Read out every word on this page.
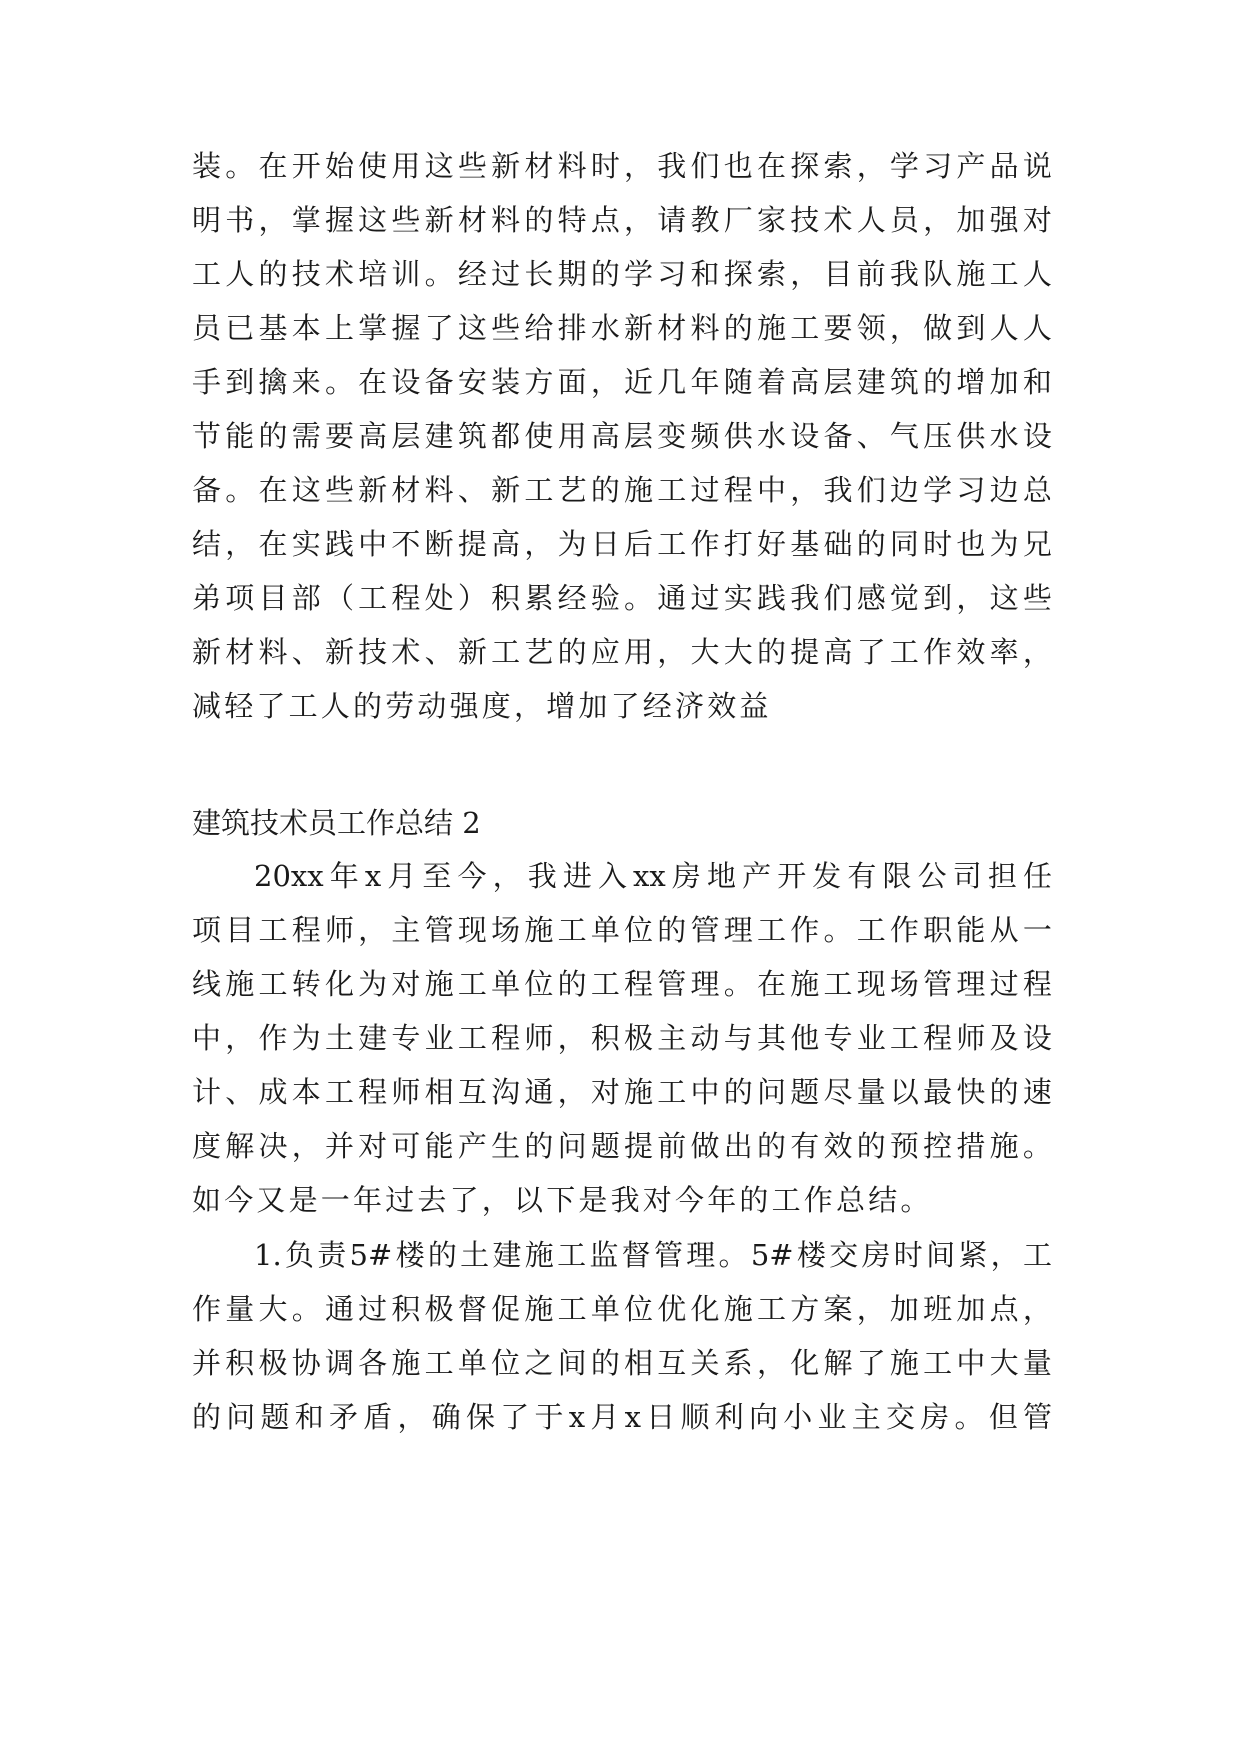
装 。 在 开 始 使 用 这 些 新 材 料 时 ， 我 们 也 在 探 索 ， 学 习 产 品 说
明 书 ， 掌 握 这 些 新 材 料 的 特 点 ， 请 教 厂 家 技 术 人 员 ， 加 强 对
工 人 的 技 术 培 训 。 经 过 长 期 的 学 习 和 探 索 ， 目 前 我 队 施 工 人
员 已 基 本 上 掌 握 了 这 些 给 排 水 新 材 料 的 施 工 要 领 ， 做 到 人 人
手 到 擒 来 。 在 设 备 安 装 方 面 ， 近 几 年 随 着 高 层 建 筑 的 增 加 和
节 能 的 需 要 高 层 建 筑 都 使 用 高 层 变 频 供 水 设 备 、 气 压 供 水 设
备 。 在 这 些 新 材 料 、 新 工 艺 的 施 工 过 程 中 ， 我 们 边 学 习 边 总
结 ， 在 实 践 中 不 断 提 高 ， 为 日 后 工 作 打 好 基 础 的 同 时 也 为 兄
弟 项 目 部 （ 工 程 处 ） 积 累 经 验 。 通 过 实 践 我 们 感 觉 到 ， 这 些
新 材 料 、 新 技 术 、 新 工 艺 的 应 用 ， 大 大 的 提 高 了 工 作 效 率 ，
减轻了工人的劳动强度，增加了经济效益
建筑技术员工作总结 2
20xx 年 x 月 至 今 ， 我 进 入 xx 房 地 产 开 发 有 限 公 司 担 任
项 目 工 程 师 ， 主 管 现 场 施 工 单 位 的 管 理 工 作 。 工 作 职 能 从 一
线 施 工 转 化 为 对 施 工 单 位 的 工 程 管 理 。 在 施 工 现 场 管 理 过 程
中 ， 作 为 土 建 专 业 工 程 师 ， 积 极 主 动 与 其 他 专 业 工 程 师 及 设
计 、 成 本 工 程 师 相 互 沟 通 ， 对 施 工 中 的 问 题 尽 量 以 最 快 的 速
度 解 决 ， 并 对 可 能 产 生 的 问 题 提 前 做 出 的 有 效 的 预 控 措 施 。
如今又是一年过去了，以下是我对今年的工作总结。
1. 负 责 5# 楼 的 土 建 施 工 监 督 管 理 。 5# 楼 交 房 时 间 紧 ， 工
作 量 大 。 通 过 积 极 督 促 施 工 单 位 优 化 施 工 方 案 ， 加 班 加 点 ，
并 积 极 协 调 各 施 工 单 位 之 间 的 相 互 关 系 ， 化 解 了 施 工 中 大 量
的 问 题 和 矛 盾 ， 确 保 了 于 x 月 x 日 顺 利 向 小 业 主 交 房 。 但 管
